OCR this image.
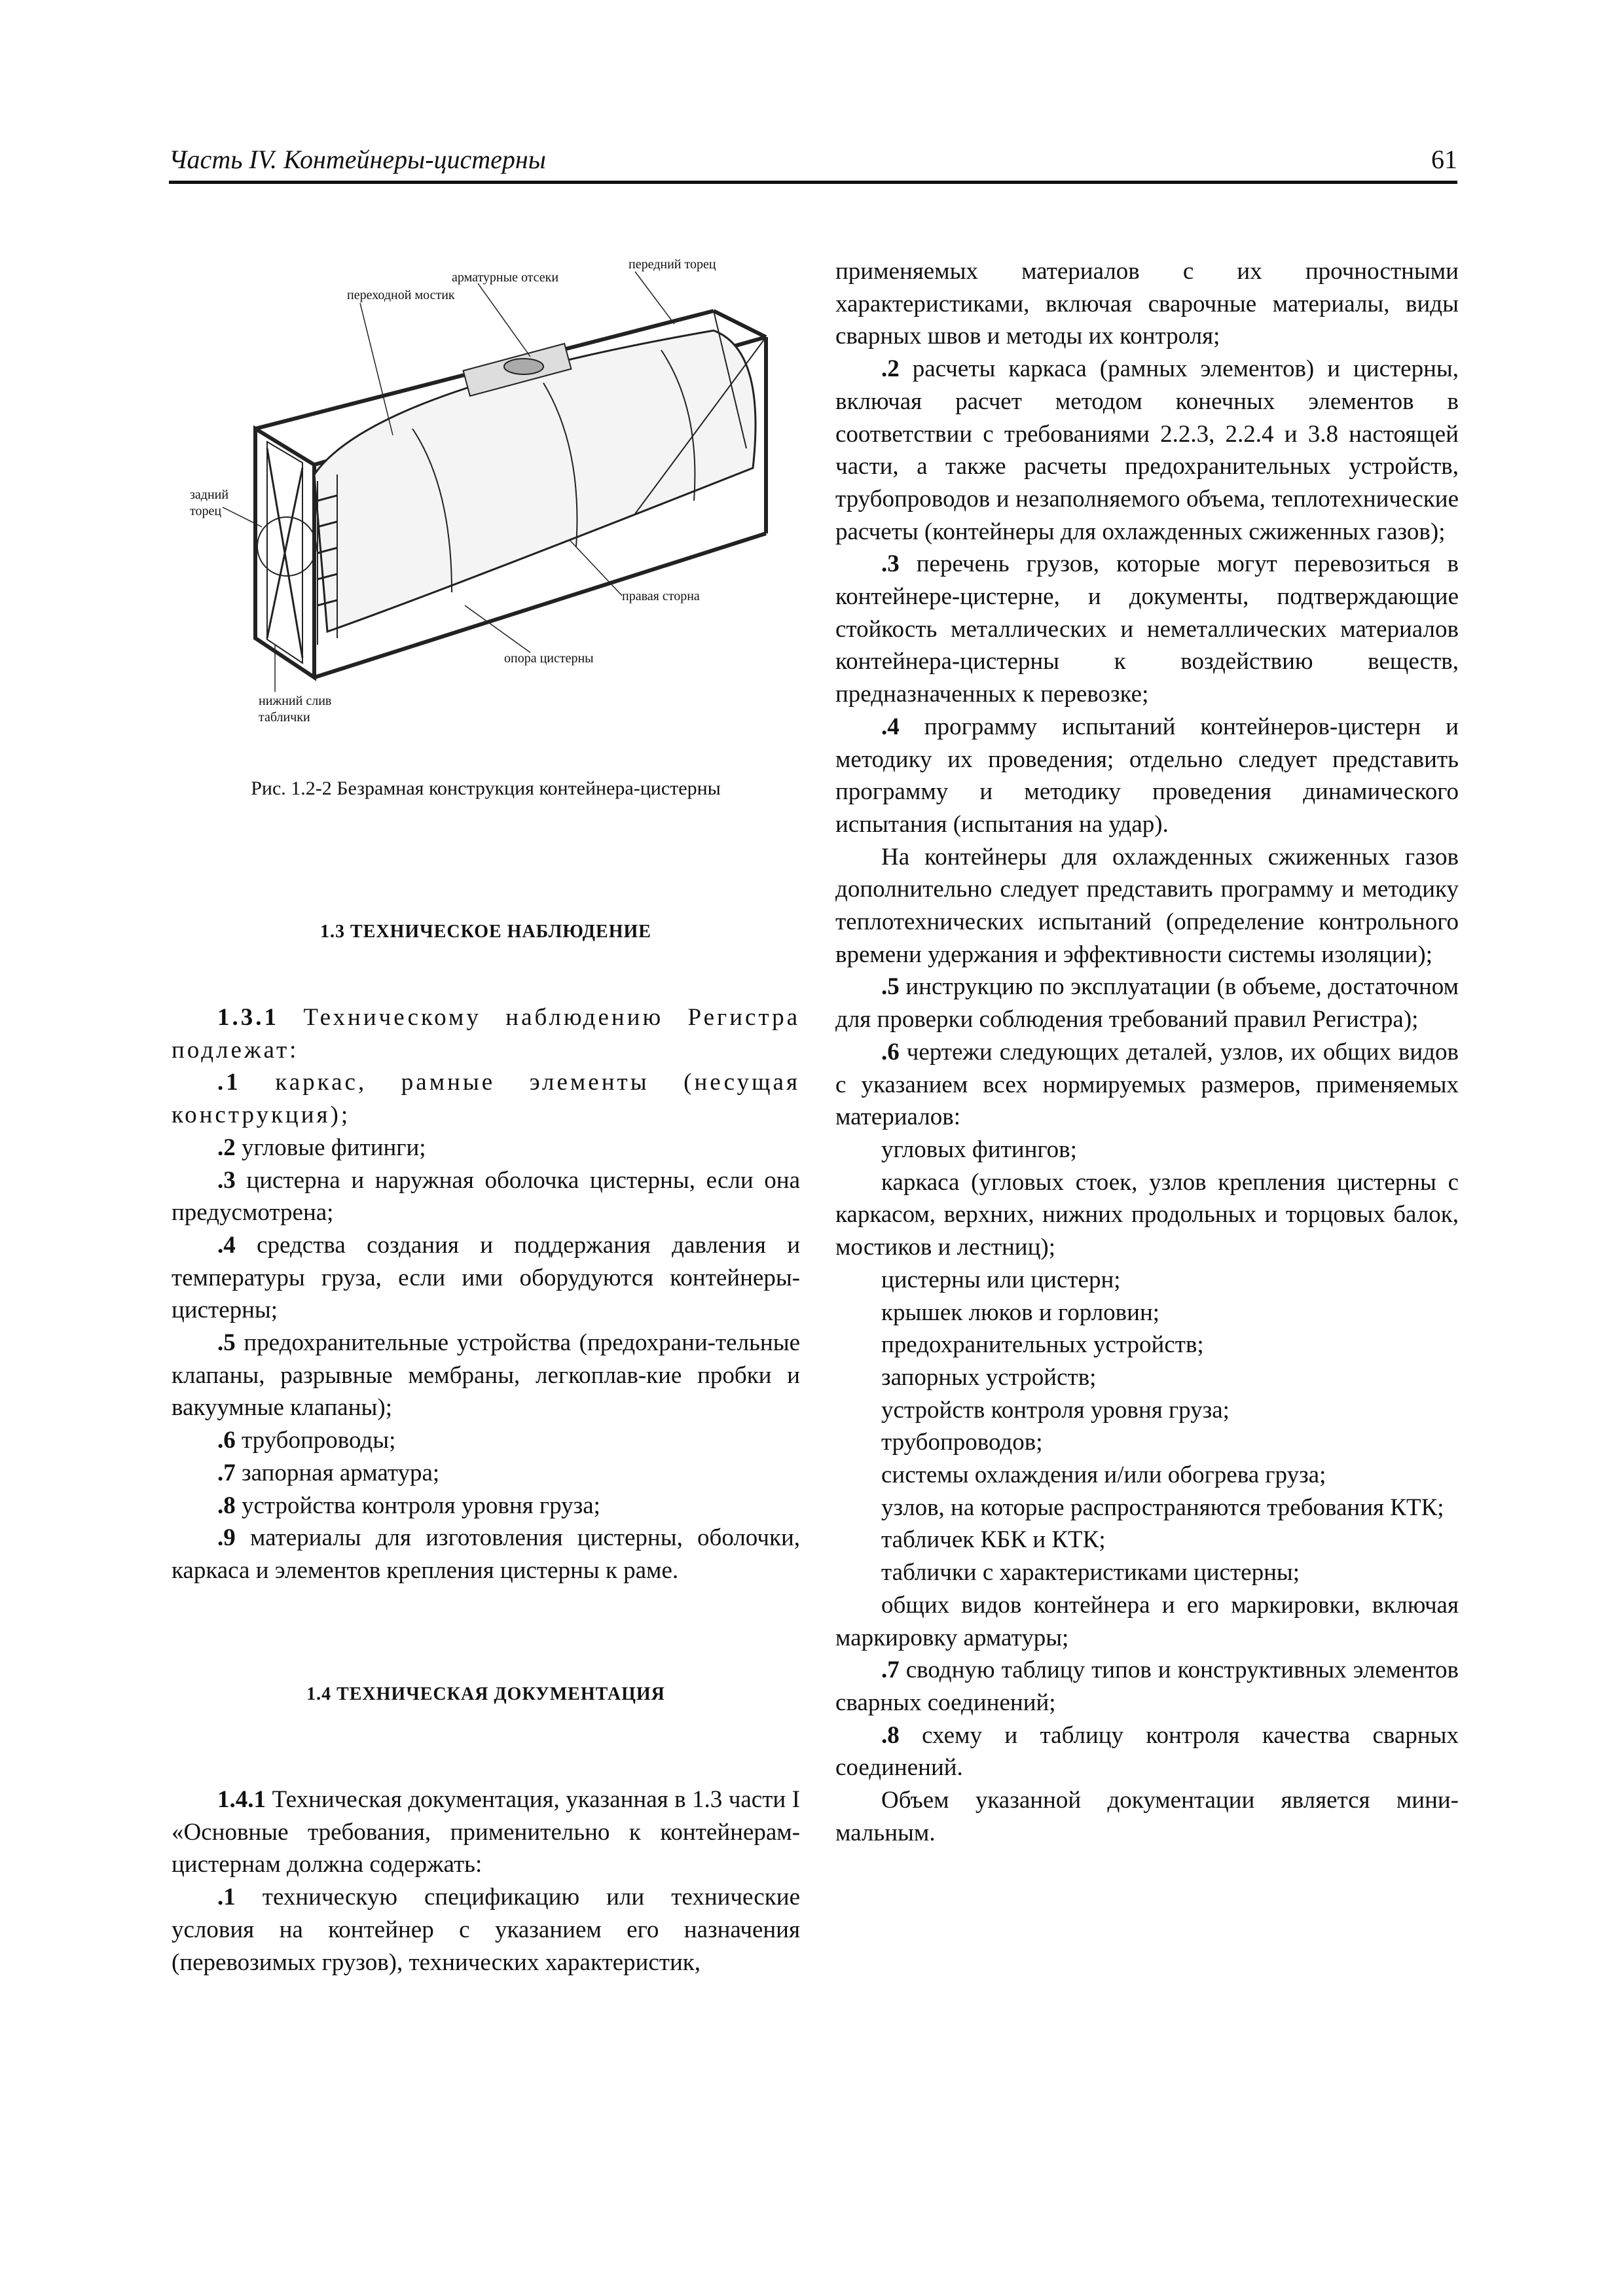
Часть IV. Контейнеры-цистерны	61
передний торец
арматурные отсеки
переходной мостик
задний
торец
правая сторна
опора цистерны
нижний слив
таблички
Рис. 1.2-2 Безрамная конструкция контейнера-цистерны
1.3 ТЕХНИЧЕСКОЕ НАБЛЮДЕНИЕ
1.4 ТЕХНИЧЕСКАЯ ДОКУМЕНТАЦИЯ

1.3.1 Техническому наблюдению Регистра подлежат:

.1 каркас, рамные элементы (несущая конструкция);

.2 угловые фитинги;

.3 цистерна и наружная оболочка цистерны, если она предусмотрена;

.4 средства создания и поддержания давления и температуры груза, если ими оборудуются контейнеры-цистерны;

.5 предохранительные устройства (предохрани-тельные клапаны, разрывные мембраны, легкоплав-кие пробки и вакуумные клапаны);

.6 трубопроводы;

.7 запорная арматура;

.8 устройства контроля уровня груза;

.9 материалы для изготовления цистерны, оболочки, каркаса и элементов крепления цистерны к раме.

1.4.1 Техническая документация, указанная в 1.3 части I «Основные требования, применительно к контейнерам-цистернам должна содержать:

.1 техническую спецификацию или технические условия на контейнер с указанием его назначения (перевозимых грузов), технических характеристик,

применяемых материалов с их прочностными характеристиками, включая сварочные материалы, виды сварных швов и методы их контроля;

.2 расчеты каркаса (рамных элементов) и цистерны, включая расчет методом конечных элементов в соответствии с требованиями 2.2.3, 2.2.4 и 3.8 настоящей части, а также расчеты предохранительных устройств, трубопроводов и незаполняемого объема, теплотехнические расчеты (контейнеры для охлажденных сжиженных газов);

.3 перечень грузов, которые могут перевозиться в контейнере-цистерне, и документы, подтверждающие стойкость металлических и неметаллических материалов контейнера-цистерны к воздействию веществ, предназначенных к перевозке;

.4 программу испытаний контейнеров-цистерн и методику их проведения; отдельно следует представить программу и методику проведения динамического испытания (испытания на удар).

На контейнеры для охлажденных сжиженных газов дополнительно следует представить программу и методику теплотехнических испытаний (определение контрольного времени удержания и эффективности системы изоляции);

.5 инструкцию по эксплуатации (в объеме, достаточном для проверки соблюдения требований правил Регистра);

.6 чертежи следующих деталей, узлов, их общих видов с указанием всех нормируемых размеров, применяемых материалов:

угловых фитингов;

каркаса (угловых стоек, узлов крепления цистерны с каркасом, верхних, нижних продольных и торцовых балок, мостиков и лестниц);

цистерны или цистерн;

крышек люков и горловин;

предохранительных устройств;

запорных устройств;

устройств контроля уровня груза;

трубопроводов;

системы охлаждения и/или обогрева груза;

узлов, на которые распространяются требования КТК;

табличек КБК и КТК;

таблички с характеристиками цистерны;

общих видов контейнера и его маркировки, включая маркировку арматуры;

.7 сводную таблицу типов и конструктивных элементов сварных соединений;

.8 схему и таблицу контроля качества сварных соединений.

Объем указанной документации является мини-мальным.
